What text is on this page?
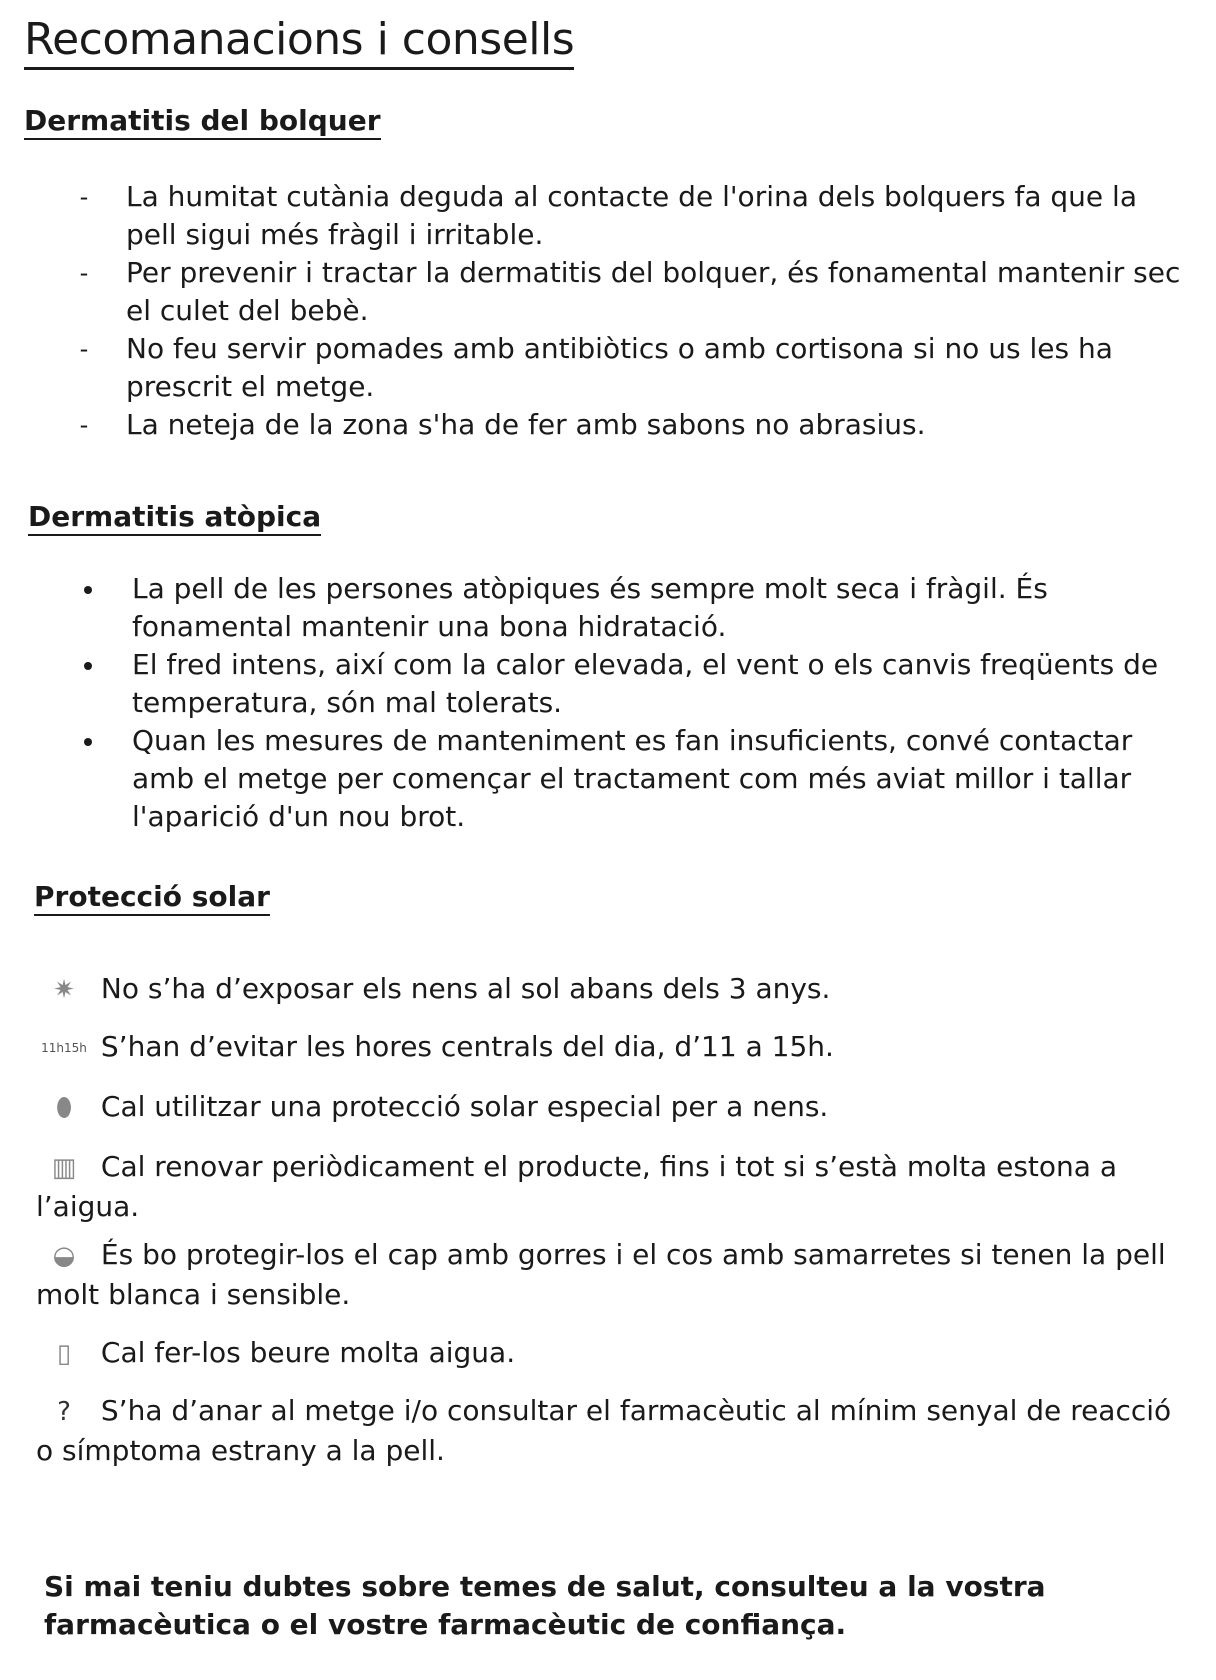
Recomanacions i consells
Dermatitis del bolquer
- La humitat cutània deguda al contacte de l'orina dels bolquers fa que la pell sigui més fràgil i irritable.
- Per prevenir i tractar la dermatitis del bolquer, és fonamental mantenir sec el culet del bebè.
- No feu servir pomades amb antibiòtics o amb cortisona si no us les ha prescrit el metge.
- La neteja de la zona s'ha de fer amb sabons no abrasius.
Dermatitis atòpica
La pell de les persones atòpiques és sempre molt seca i fràgil. És fonamental mantenir una bona hidratació.
El fred intens, així com la calor elevada, el vent o els canvis freqüents de temperatura, són mal tolerats.
Quan les mesures de manteniment es fan insuficients, convé contactar amb el metge per començar el tractament com més aviat millor i tallar l'aparició d'un nou brot.
Protecció solar
✷ No s’ha d’exposar els nens al sol abans dels 3 anys.
11h15h S’han d’evitar les hores centrals del dia, d’11 a 15h.
⬮ Cal utilitzar una protecció solar especial per a nens.
▥ Cal renovar periòdicament el producte, fins i tot si s’està molta estona a l’aigua.
◒ És bo protegir-los el cap amb gorres i el cos amb samarretes si tenen la pell molt blanca i sensible.
▯ Cal fer-los beure molta aigua.
? S’ha d’anar al metge i/o consultar el farmacèutic al mínim senyal de reacció o símptoma estrany a la pell.

Si mai teniu dubtes sobre temes de salut, consulteu a la vostra farmacèutica o el vostre farmacèutic de confiança.
